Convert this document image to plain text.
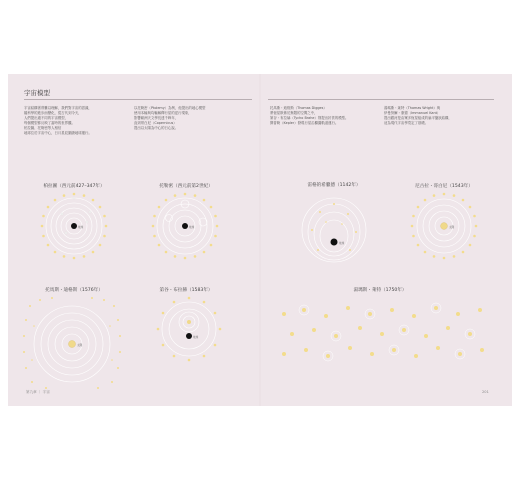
宇宙模型
宇宙結構著實難以理解，我們對宇宙的認識，
隨科學的進步而變化，從古代到今天，
人們提出過不同的宇宙模型，
每個模型都反映了當時的世界觀。
柏拉圖、托勒密等人相信
地球位於宇宙中心，日月星辰圍繞地球運行。
以托勒密（Ptolemy）為例，他提出的地心模型
使用本輪與均輪解釋行星的逆行現象，
影響歐洲天文學長達千餘年，
直到哥白尼（Copernicus）
提出以太陽為中心的日心說。
托馬斯・迪格斯（Thomas Digges）
將恆星散佈於無限的空間之中，
第谷・布拉赫（Tycho Brahe）則提出折衷的模型。
開普勒（Kepler）發現行星沿橢圓軌道運行。
湯瑪斯・萊特（Thomas Wright）與
伊曼努爾・康德（Immanuel Kant）
提出銀河是由眾多恆星組成的扁平盤狀結構，
這為現代宇宙學奠定了基礎。
柏拉圖（西元前427–347年）	托勒密（西元前第2世紀）	雷格的希臘德（1142年）	尼古拉・哥白尼（1543年）
托馬斯・迪格斯（1576年）	第谷・布拉赫（1583年）	湯瑪斯・萊特（1750年）
地球	地球
地球
太陽
太陽
地球
第九章 ｜ 宇宙	201
